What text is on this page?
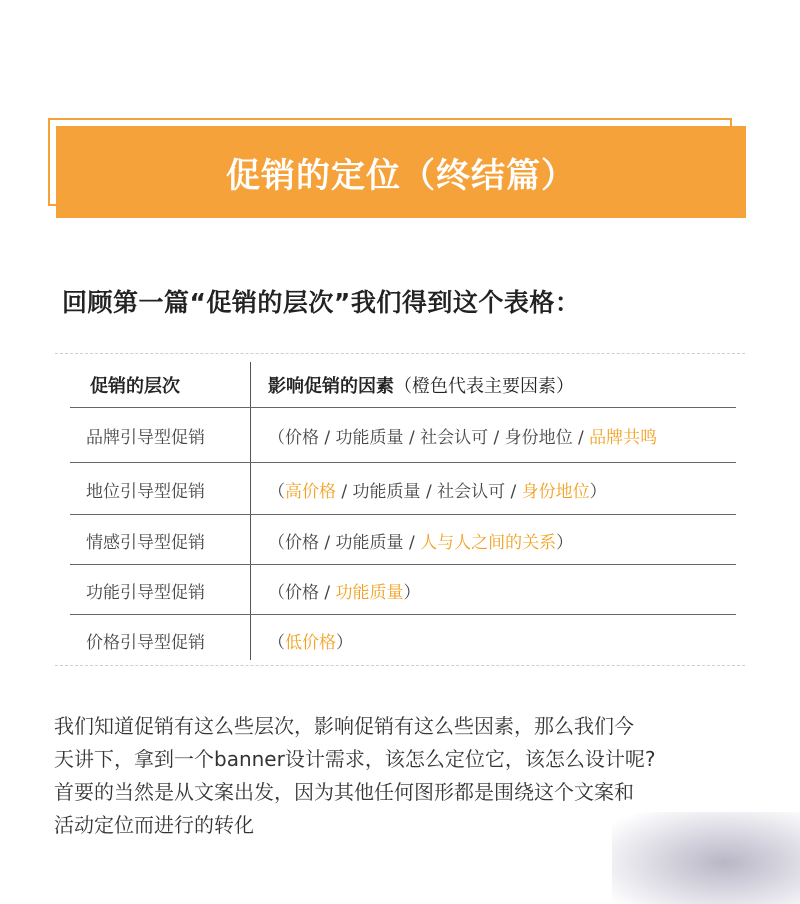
促销的定位（终结篇）
回顾第一篇“促销的层次”我们得到这个表格：
促销的层次	影响促销的因素（橙色代表主要因素）
品牌引导型促销	（价格 / 功能质量 / 社会认可 / 身份地位 / 品牌共鸣
地位引导型促销	（高价格 / 功能质量 / 社会认可 / 身份地位）
情感引导型促销	（价格 / 功能质量 / 人与人之间的关系）
功能引导型促销	（价格 / 功能质量）
价格引导型促销	（低价格）
我们知道促销有这么些层次，影响促销有这么些因素，那么我们今
天讲下，拿到一个banner设计需求，该怎么定位它，该怎么设计呢?
首要的当然是从文案出发，因为其他任何图形都是围绕这个文案和
活动定位而进行的转化
